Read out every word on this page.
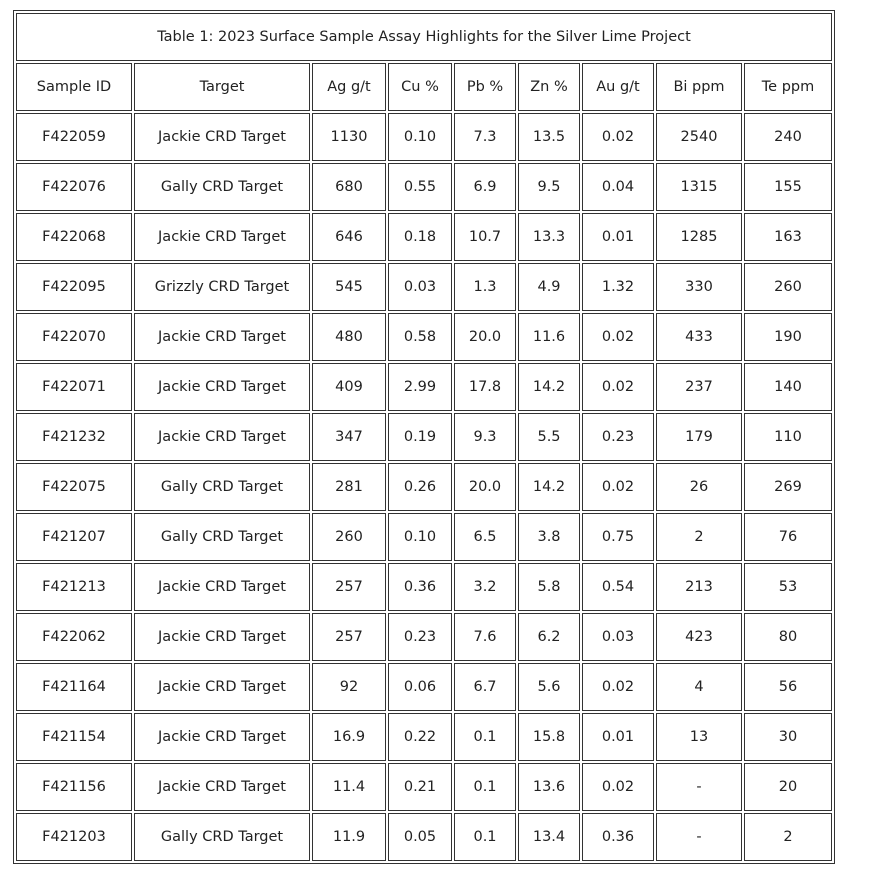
Table 1: 2023 Surface Sample Assay Highlights for the Silver Lime Project								
Sample ID	Target	Ag g/t	Cu %	Pb %	Zn %	Au g/t	Bi ppm	Te ppm
F422059	Jackie CRD Target	1130	0.10	7.3	13.5	0.02	2540	240
F422076	Gally CRD Target	680	0.55	6.9	9.5	0.04	1315	155
F422068	Jackie CRD Target	646	0.18	10.7	13.3	0.01	1285	163
F422095	Grizzly CRD Target	545	0.03	1.3	4.9	1.32	330	260
F422070	Jackie CRD Target	480	0.58	20.0	11.6	0.02	433	190
F422071	Jackie CRD Target	409	2.99	17.8	14.2	0.02	237	140
F421232	Jackie CRD Target	347	0.19	9.3	5.5	0.23	179	110
F422075	Gally CRD Target	281	0.26	20.0	14.2	0.02	26	269
F421207	Gally CRD Target	260	0.10	6.5	3.8	0.75	2	76
F421213	Jackie CRD Target	257	0.36	3.2	5.8	0.54	213	53
F422062	Jackie CRD Target	257	0.23	7.6	6.2	0.03	423	80
F421164	Jackie CRD Target	92	0.06	6.7	5.6	0.02	4	56
F421154	Jackie CRD Target	16.9	0.22	0.1	15.8	0.01	13	30
F421156	Jackie CRD Target	11.4	0.21	0.1	13.6	0.02	-	20
F421203	Gally CRD Target	11.9	0.05	0.1	13.4	0.36	-	2
